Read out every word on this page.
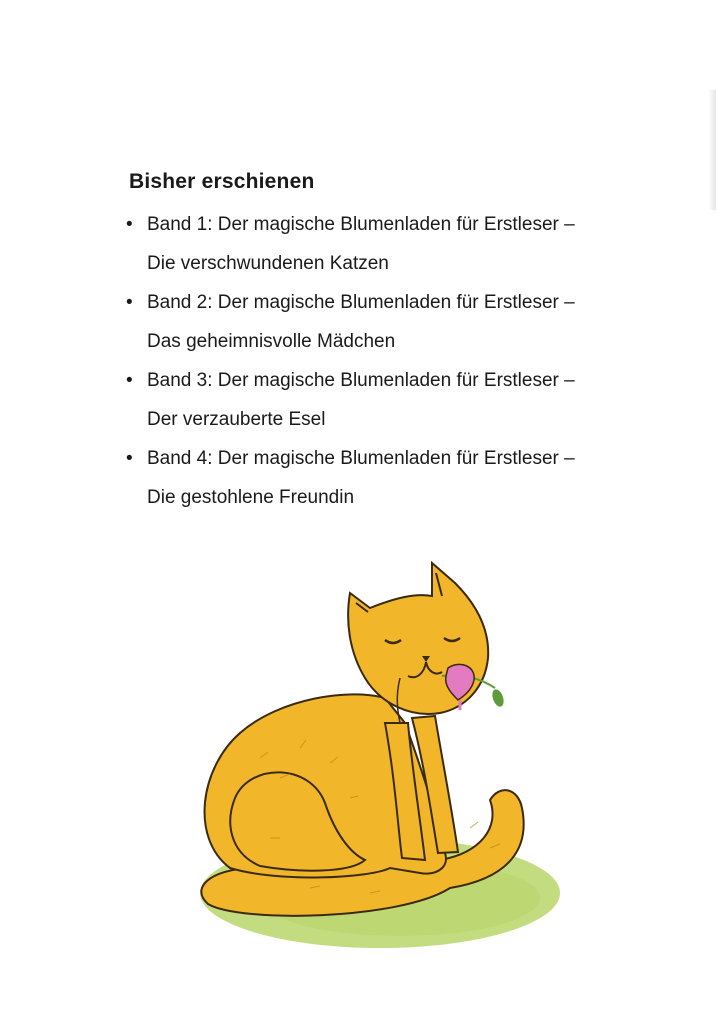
Bisher erschienen
• Band 1: Der magische Blumenladen für Erstleser –
Die verschwundenen Katzen
• Band 2: Der magische Blumenladen für Erstleser –
Das geheimnisvolle Mädchen
• Band 3: Der magische Blumenladen für Erstleser –
Der verzauberte Esel
• Band 4: Der magische Blumenladen für Erstleser –
Die gestohlene Freundin
